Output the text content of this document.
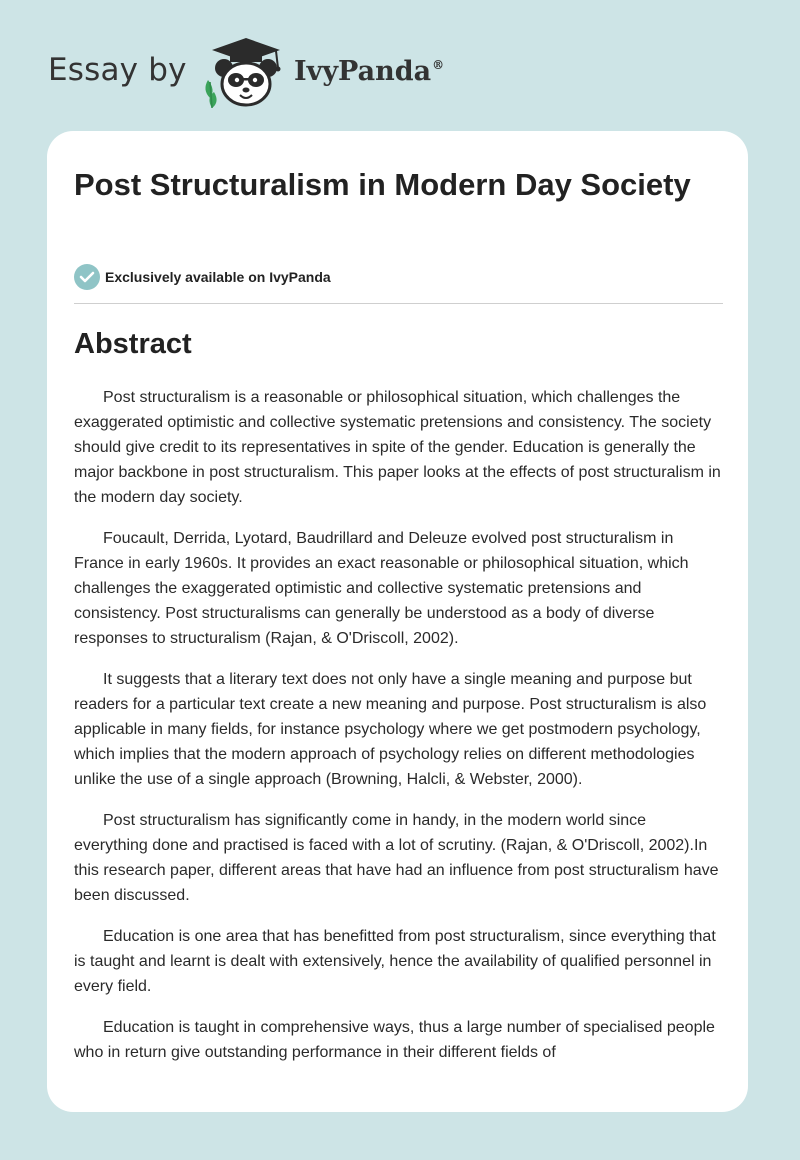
Essay by	IvyPanda®
Post Structuralism in Modern Day Society
Exclusively available on IvyPanda
Abstract

Post structuralism is a reasonable or philosophical situation, which challenges the exaggerated optimistic and collective systematic pretensions and consistency. The society should give credit to its representatives in spite of the gender. Education is generally the major backbone in post structuralism. This paper looks at the effects of post structuralism in the modern day society.

Foucault, Derrida, Lyotard, Baudrillard and Deleuze evolved post structuralism in France in early 1960s. It provides an exact reasonable or philosophical situation, which challenges the exaggerated optimistic and collective systematic pretensions and consistency. Post structuralisms can generally be understood as a body of diverse responses to structuralism (Rajan, & O'Driscoll, 2002).

It suggests that a literary text does not only have a single meaning and purpose but readers for a particular text create a new meaning and purpose. Post structuralism is also applicable in many fields, for instance psychology where we get postmodern psychology, which implies that the modern approach of psychology relies on different methodologies unlike the use of a single approach (Browning, Halcli, & Webster, 2000).

Post structuralism has significantly come in handy, in the modern world since everything done and practised is faced with a lot of scrutiny. (Rajan, & O'Driscoll, 2002).In this research paper, different areas that have had an influence from post structuralism have been discussed.

Education is one area that has benefitted from post structuralism, since everything that is taught and learnt is dealt with extensively, hence the availability of qualified personnel in every field.

Education is taught in comprehensive ways, thus a large number of specialised people who in return give outstanding performance in their different fields of
